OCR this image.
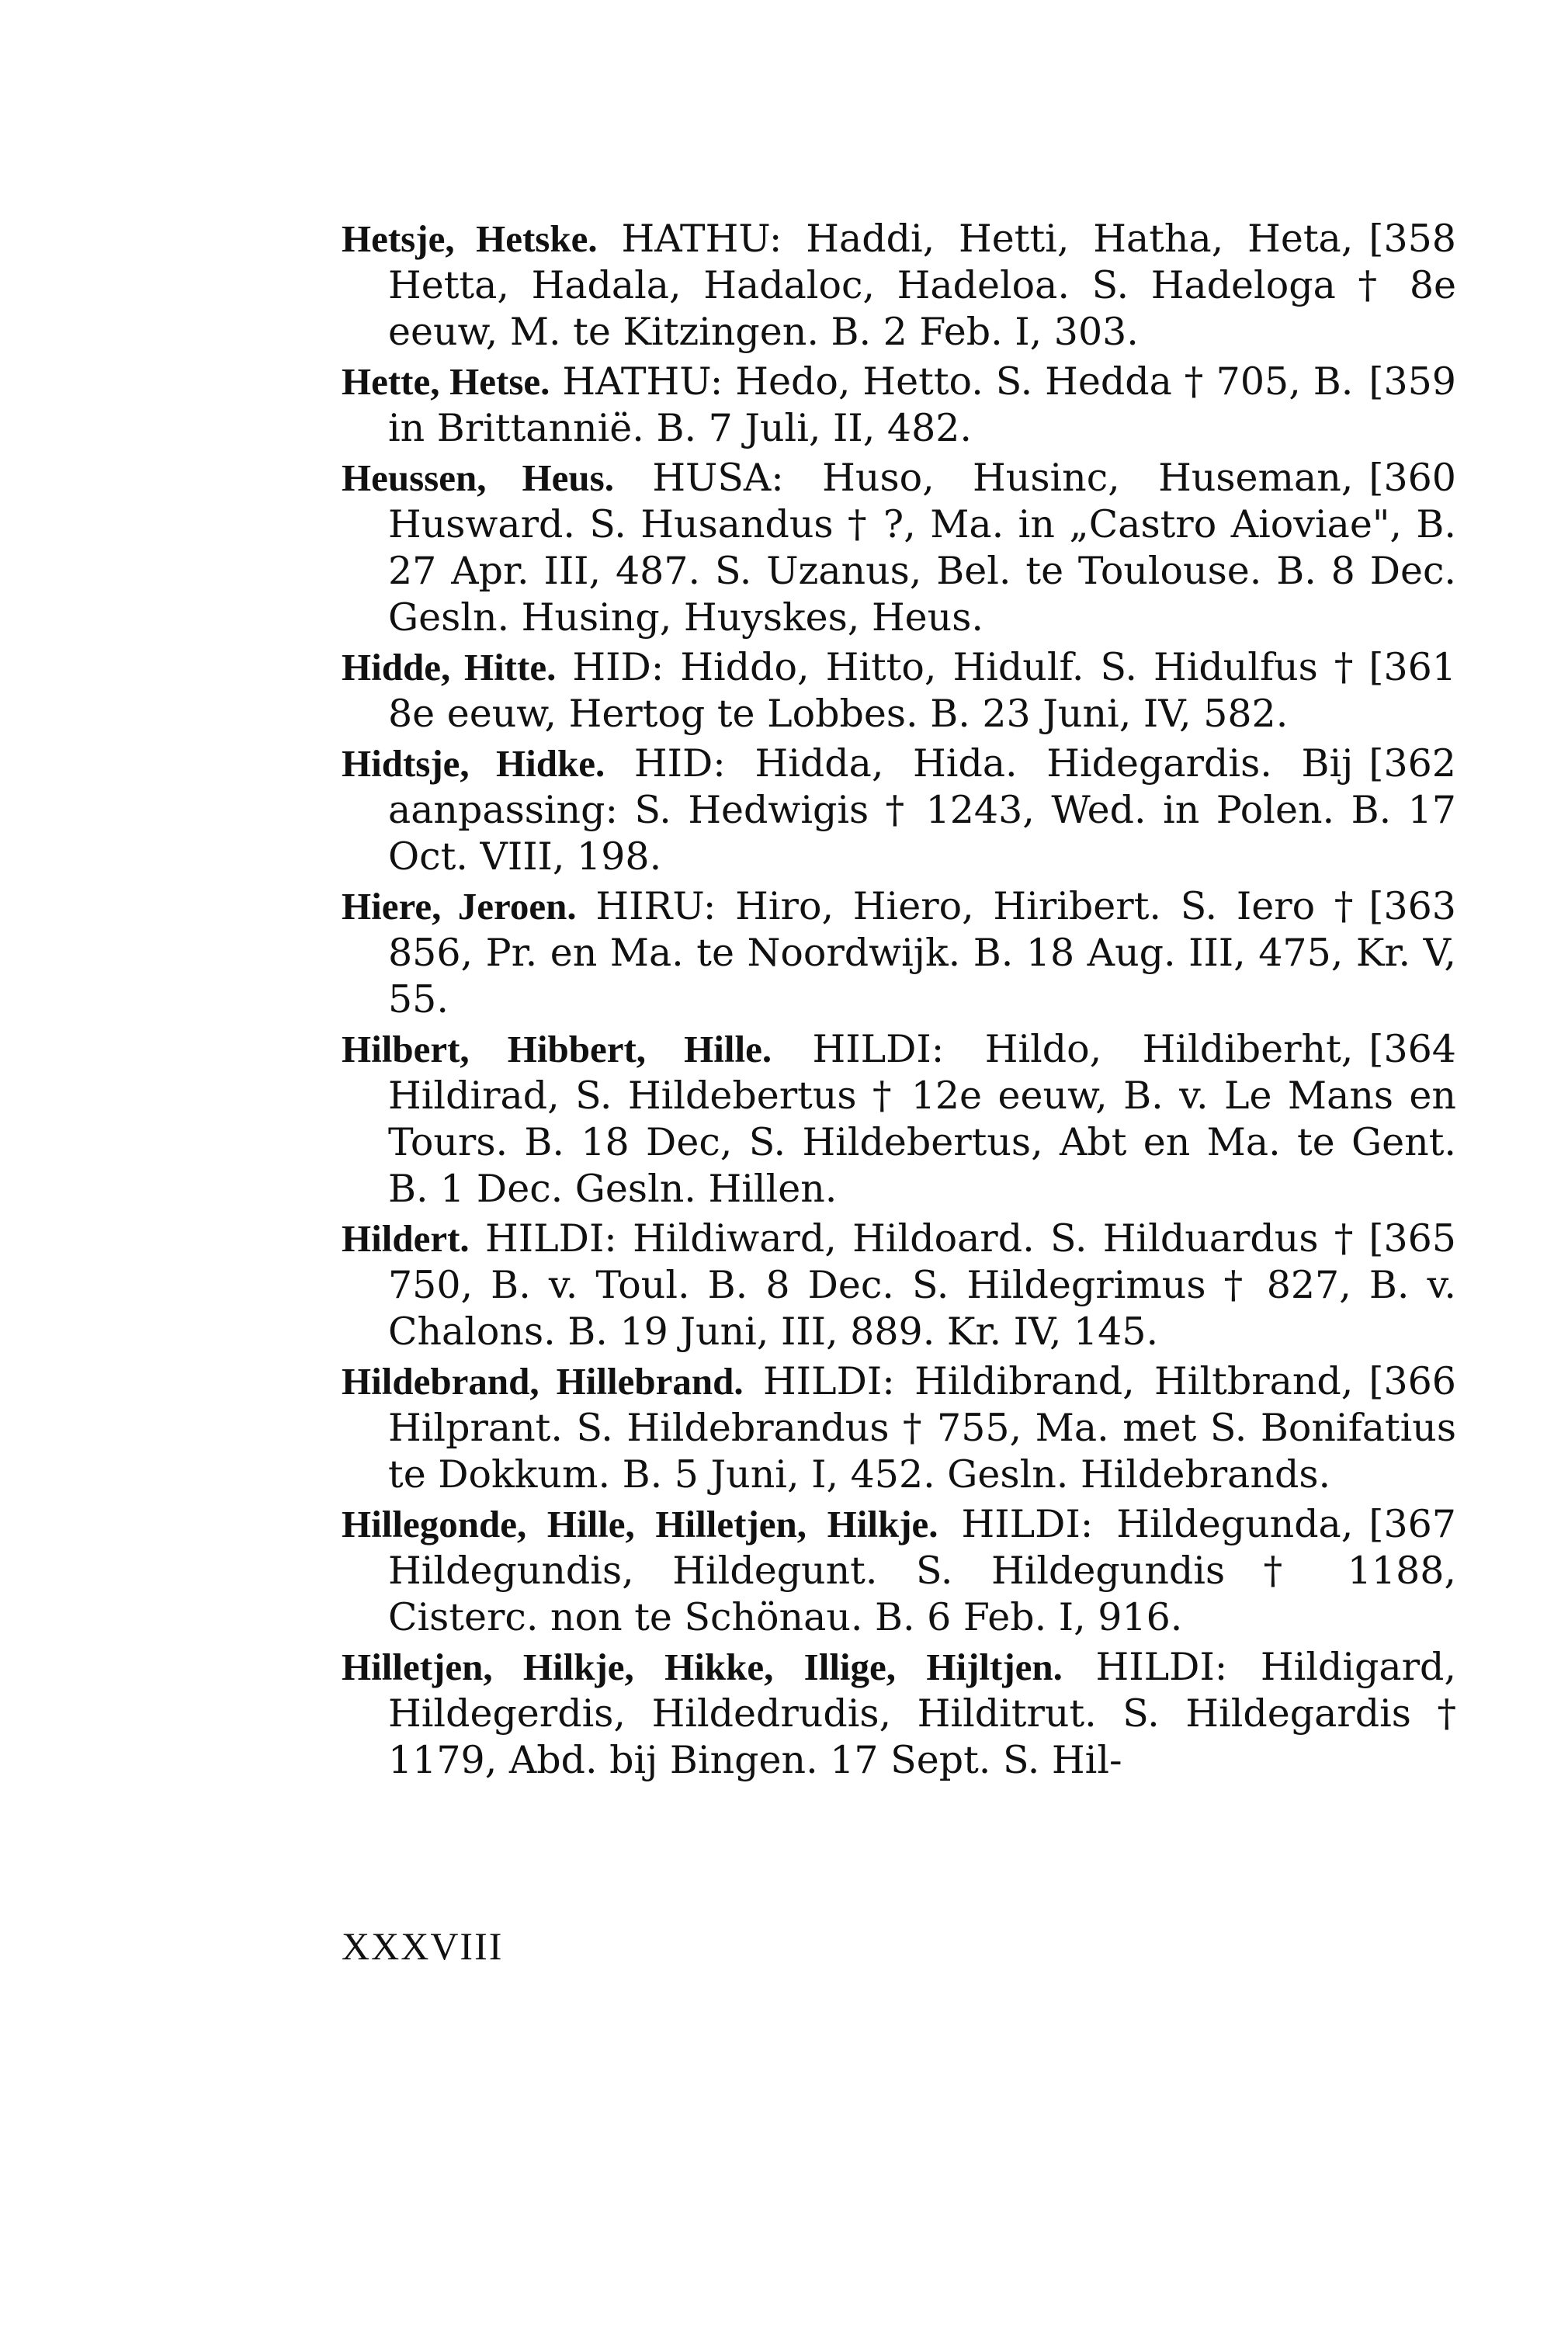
[358
Hetsje, Hetske. HATHU: Haddi, Hetti, Hatha, Heta, Hetta, Hadala, Hadaloc, Hadeloa. S. Hadeloga † 8e eeuw, M. te Kitzingen. B. 2 Feb. I, 303.
[359
Hette, Hetse. HATHU: Hedo, Hetto. S. Hedda † 705, B. in Brittannië. B. 7 Juli, II, 482.
[360
Heussen, Heus. HUSA: Huso, Husinc, Huseman, Husward. S. Husandus † ?, Ma. in „Castro Aioviae", B. 27 Apr. III, 487. S. Uzanus, Bel. te Toulouse. B. 8 Dec. Gesln. Husing, Huyskes, Heus.
[361
Hidde, Hitte. HID: Hiddo, Hitto, Hidulf. S. Hidulfus † 8e eeuw, Hertog te Lobbes. B. 23 Juni, IV, 582.
[362
Hidtsje, Hidke. HID: Hidda, Hida. Hidegardis. Bij aanpassing: S. Hedwigis † 1243, Wed. in Polen. B. 17 Oct. VIII, 198.
[363
Hiere, Jeroen. HIRU: Hiro, Hiero, Hiribert. S. Iero † 856, Pr. en Ma. te Noordwijk. B. 18 Aug. III, 475, Kr. V, 55.
[364
Hilbert, Hibbert, Hille. HILDI: Hildo, Hildiberht, Hildirad, S. Hildebertus † 12e eeuw, B. v. Le Mans en Tours. B. 18 Dec, S. Hildebertus, Abt en Ma. te Gent. B. 1 Dec. Gesln. Hillen.
[365
Hildert. HILDI: Hildiward, Hildoard. S. Hilduardus † 750, B. v. Toul. B. 8 Dec. S. Hildegrimus † 827, B. v. Chalons. B. 19 Juni, III, 889. Kr. IV, 145.
[366
Hildebrand, Hillebrand. HILDI: Hildibrand, Hiltbrand, Hilprant. S. Hildebrandus † 755, Ma. met S. Bonifatius te Dokkum. B. 5 Juni, I, 452. Gesln. Hildebrands.
[367
Hillegonde, Hille, Hilletjen, Hilkje. HILDI: Hildegunda, Hildegundis, Hildegunt. S. Hildegundis † 1188, Cisterc. non te Schönau. B. 6 Feb. I, 916.
Hilletjen, Hilkje, Hikke, Illige, Hijltjen. HILDI: Hildigard, Hildegerdis, Hildedrudis, Hilditrut. S. Hildegardis † 1179, Abd. bij Bingen. 17 Sept. S. Hil-
XXXVIII
